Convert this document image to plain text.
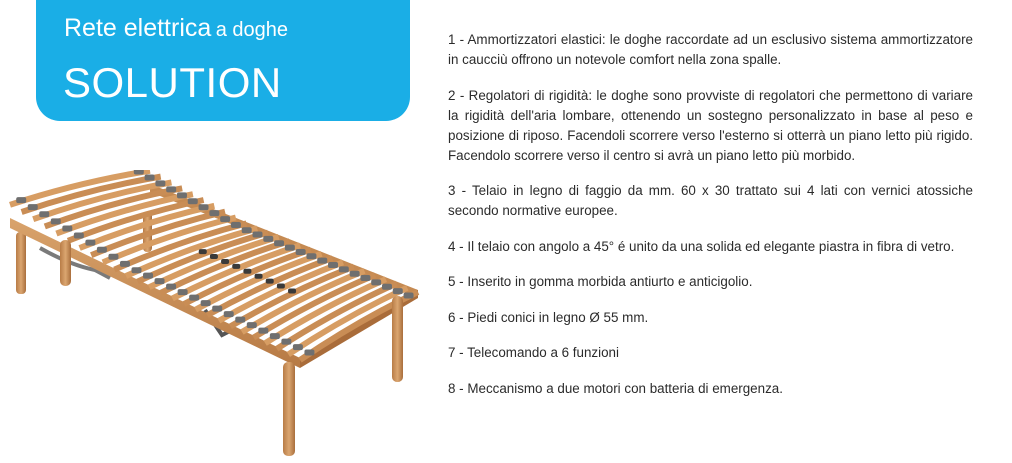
Rete elettrica a doghe
SOLUTION

1 - Ammortizzatori elastici: le doghe raccordate ad un esclusivo sistema ammortizzatore in caucciù offrono un notevole comfort nella zona spalle.

2 - Regolatori di rigidità: le doghe sono provviste di regolatori che permettono di variare la rigidità dell'aria lombare, ottenendo un sostegno personalizzato in base al peso e posizione di riposo. Facendoli scorrere verso l'esterno si otterrà un piano letto più rigido. Facendolo scorrere verso il centro si avrà un piano letto più morbido.

3 - Telaio in legno di faggio da mm. 60 x 30 trattato sui 4 lati con vernici atossiche secondo normative europee.

4 - Il telaio con angolo a 45° é unito da una solida ed elegante piastra in fibra di vetro.

5 - Inserito in gomma morbida antiurto e anticigolio.

6 - Piedi conici in legno Ø 55 mm.

7 - Telecomando a 6 funzioni

8 - Meccanismo a due motori con batteria di emergenza.
